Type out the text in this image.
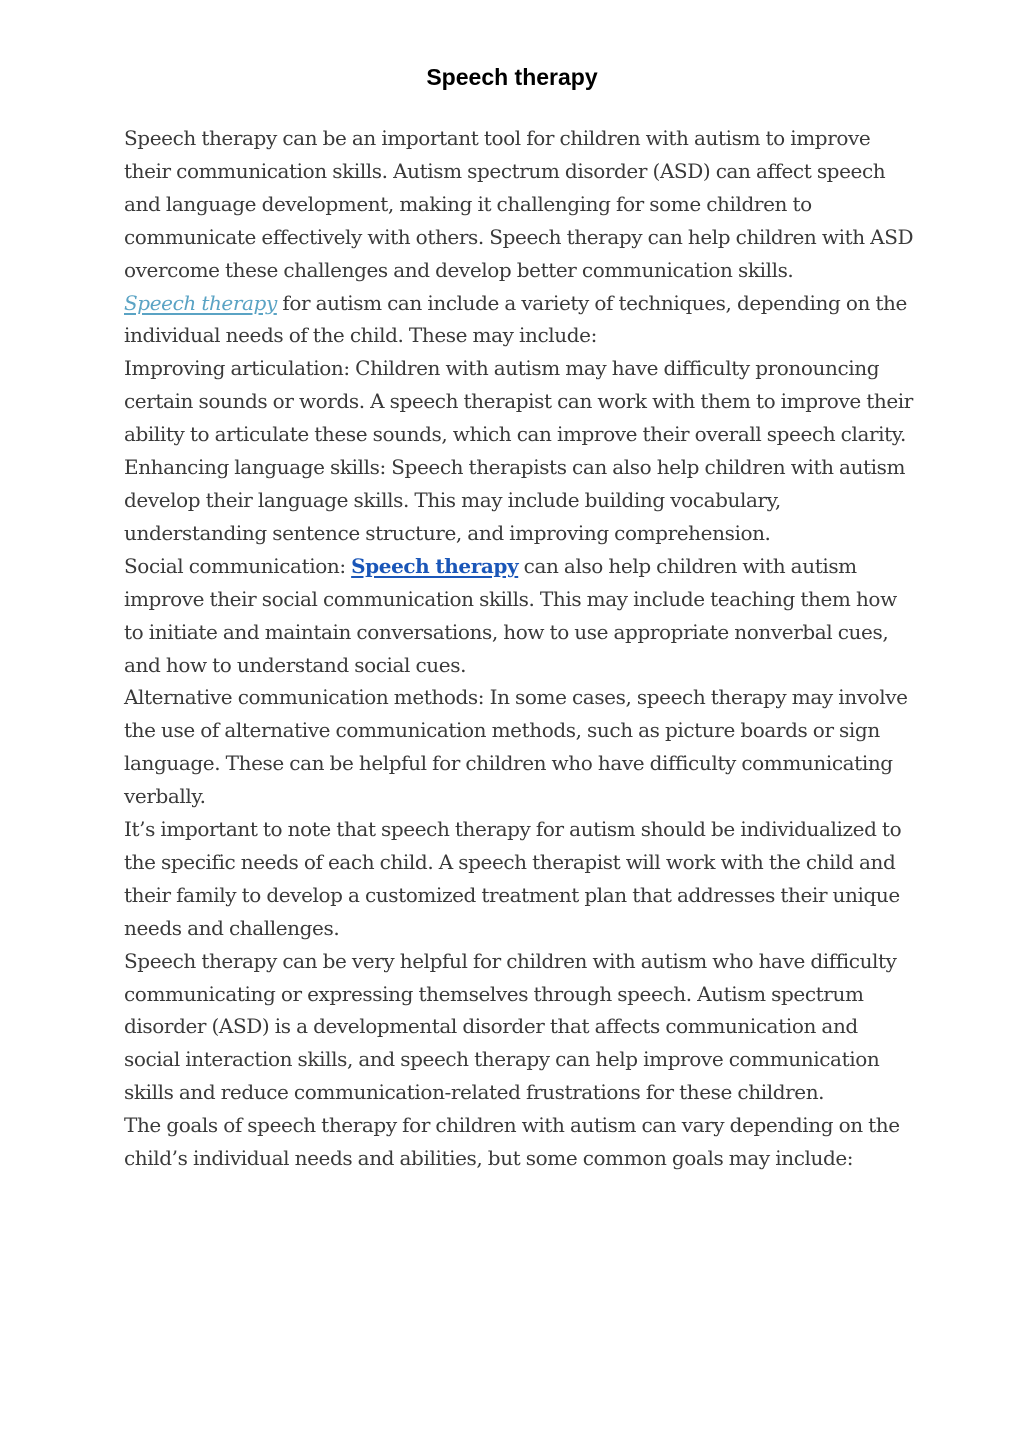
Speech therapy

Speech therapy can be an important tool for children with autism to improve their communication skills. Autism spectrum disorder (ASD) can affect speech and language development, making it challenging for some children to communicate effectively with others. Speech therapy can help children with ASD overcome these challenges and develop better communication skills.

Speech therapy for autism can include a variety of techniques, depending on the individual needs of the child. These may include:

Improving articulation: Children with autism may have difficulty pronouncing certain sounds or words. A speech therapist can work with them to improve their ability to articulate these sounds, which can improve their overall speech clarity.

Enhancing language skills: Speech therapists can also help children with autism develop their language skills. This may include building vocabulary, understanding sentence structure, and improving comprehension.

Social communication: Speech therapy can also help children with autism improve their social communication skills. This may include teaching them how to initiate and maintain conversations, how to use appropriate nonverbal cues, and how to understand social cues.

Alternative communication methods: In some cases, speech therapy may involve the use of alternative communication methods, such as picture boards or sign language. These can be helpful for children who have difficulty communicating verbally.

It’s important to note that speech therapy for autism should be individualized to the specific needs of each child. A speech therapist will work with the child and their family to develop a customized treatment plan that addresses their unique needs and challenges.

Speech therapy can be very helpful for children with autism who have difficulty communicating or expressing themselves through speech. Autism spectrum disorder (ASD) is a developmental disorder that affects communication and social interaction skills, and speech therapy can help improve communication skills and reduce communication-related frustrations for these children.

The goals of speech therapy for children with autism can vary depending on the child’s individual needs and abilities, but some common goals may include:
